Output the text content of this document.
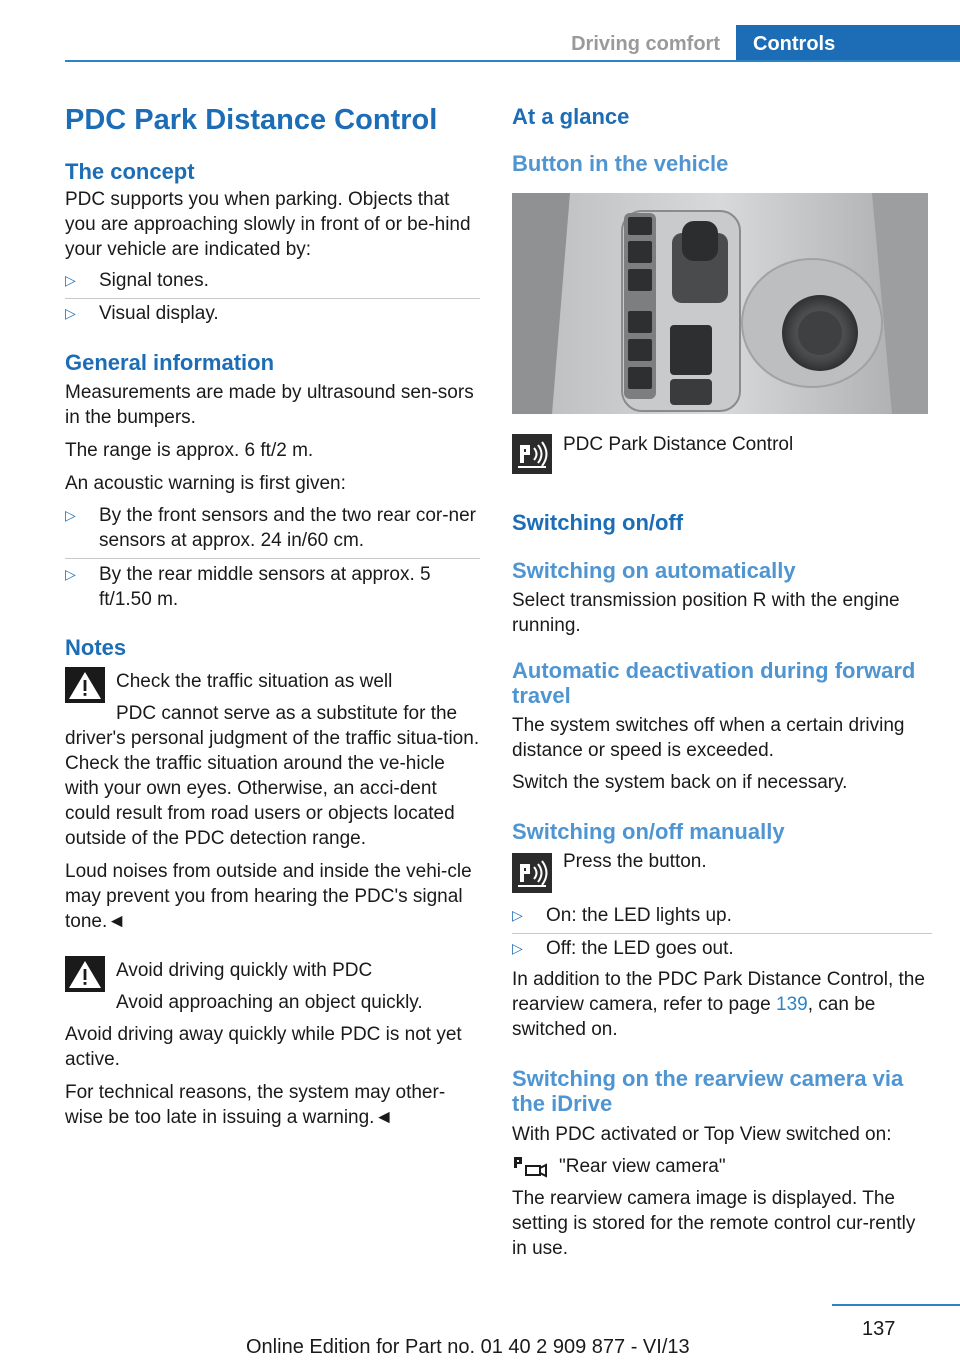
Driving comfort	Controls
PDC Park Distance Control
The concept
PDC supports you when parking. Objects that you are approaching slowly in front of or be-hind your vehicle are indicated by:
▷	Signal tones.
▷	Visual display.
General information
Measurements are made by ultrasound sen-sors in the bumpers.
The range is approx. 6 ft/2 m.
An acoustic warning is first given:
▷	By the front sensors and the two rear cor-ner sensors at approx. 24 in/60 cm.
▷	By the rear middle sensors at approx. 5 ft/1.50 m.
Notes
Check the traffic situation as well
PDC cannot serve as a substitute for the
driver's personal judgment of the traffic situa-tion. Check the traffic situation around the ve-hicle with your own eyes. Otherwise, an acci-dent could result from road users or objects located outside of the PDC detection range.
Loud noises from outside and inside the vehi-cle may prevent you from hearing the PDC's signal tone.◄
Avoid driving quickly with PDC
Avoid approaching an object quickly.
Avoid driving away quickly while PDC is not yet active.
For technical reasons, the system may other-wise be too late in issuing a warning.◄
At a glance
Button in the vehicle
PDC Park Distance Control
Switching on/off
Switching on automatically
Select transmission position R with the engine running.
Automatic deactivation during forward travel
The system switches off when a certain driving distance or speed is exceeded.
Switch the system back on if necessary.
Switching on/off manually
Press the button.
▷	On: the LED lights up.
▷	Off: the LED goes out.
In addition to the PDC Park Distance Control, the rearview camera, refer to page 139, can be switched on.
Switching on the rearview camera via the iDrive
With PDC activated or Top View switched on:
"Rear view camera"
The rearview camera image is displayed. The setting is stored for the remote control cur-rently in use.
137
Online Edition for Part no. 01 40 2 909 877 - VI/13
